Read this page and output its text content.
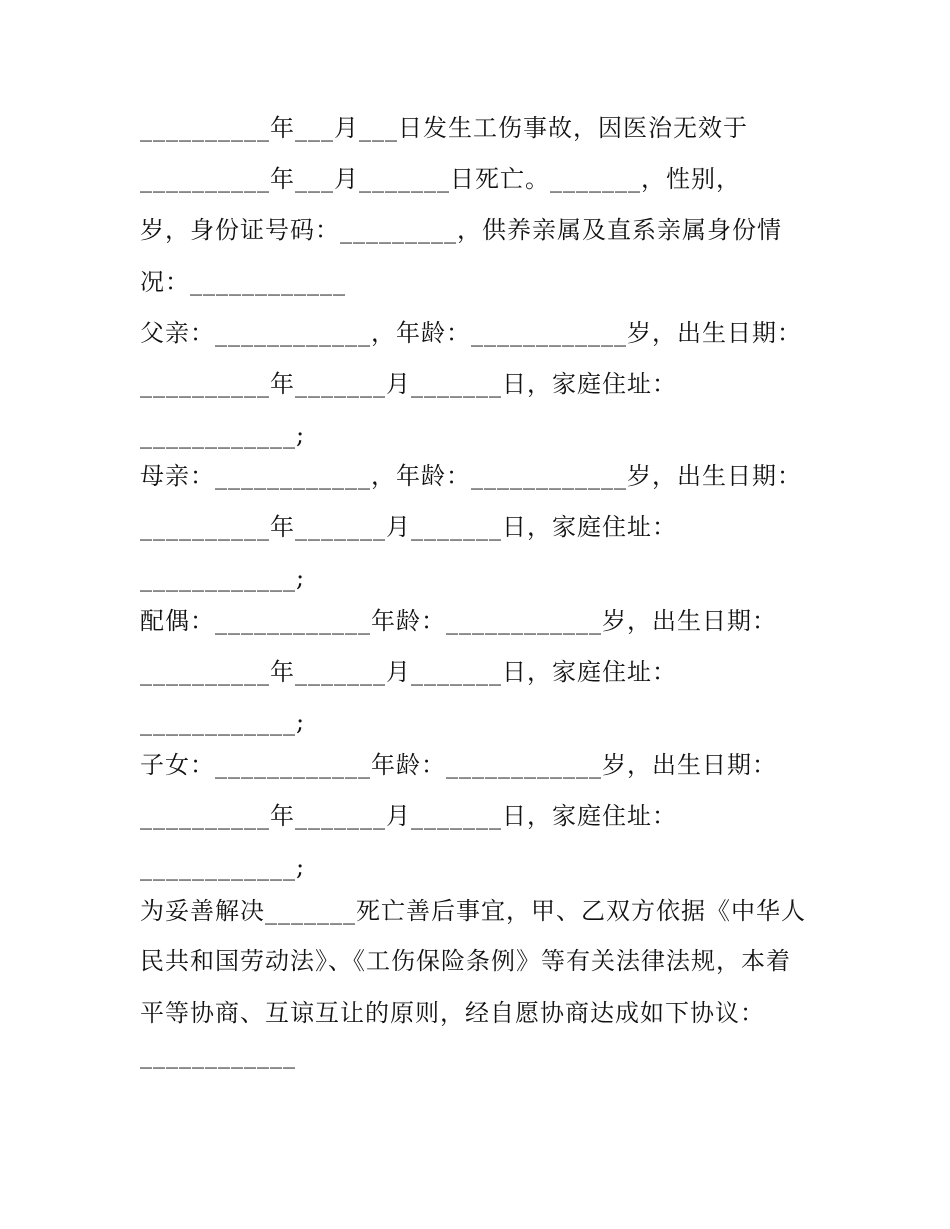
__________年___月___日发生工伤事故，因医治无效于
__________年___月_______日死亡。_______，性别，
岁，身份证号码：_________，供养亲属及直系亲属身份情
况：____________
父亲：____________，年龄：____________岁，出生日期：
__________年_______月_______日，家庭住址：
____________;
母亲：____________，年龄：____________岁，出生日期：
__________年_______月_______日，家庭住址：
____________;
配偶：____________年龄：____________岁，出生日期：
__________年_______月_______日，家庭住址：
____________;
子女：____________年龄：____________岁，出生日期：
__________年_______月_______日，家庭住址：
____________;
为妥善解决_______死亡善后事宜，甲、乙双方依据《中华人
民共和国劳动法》、《工伤保险条例》等有关法律法规，本着
平等协商、互谅互让的原则，经自愿协商达成如下协议：
____________
